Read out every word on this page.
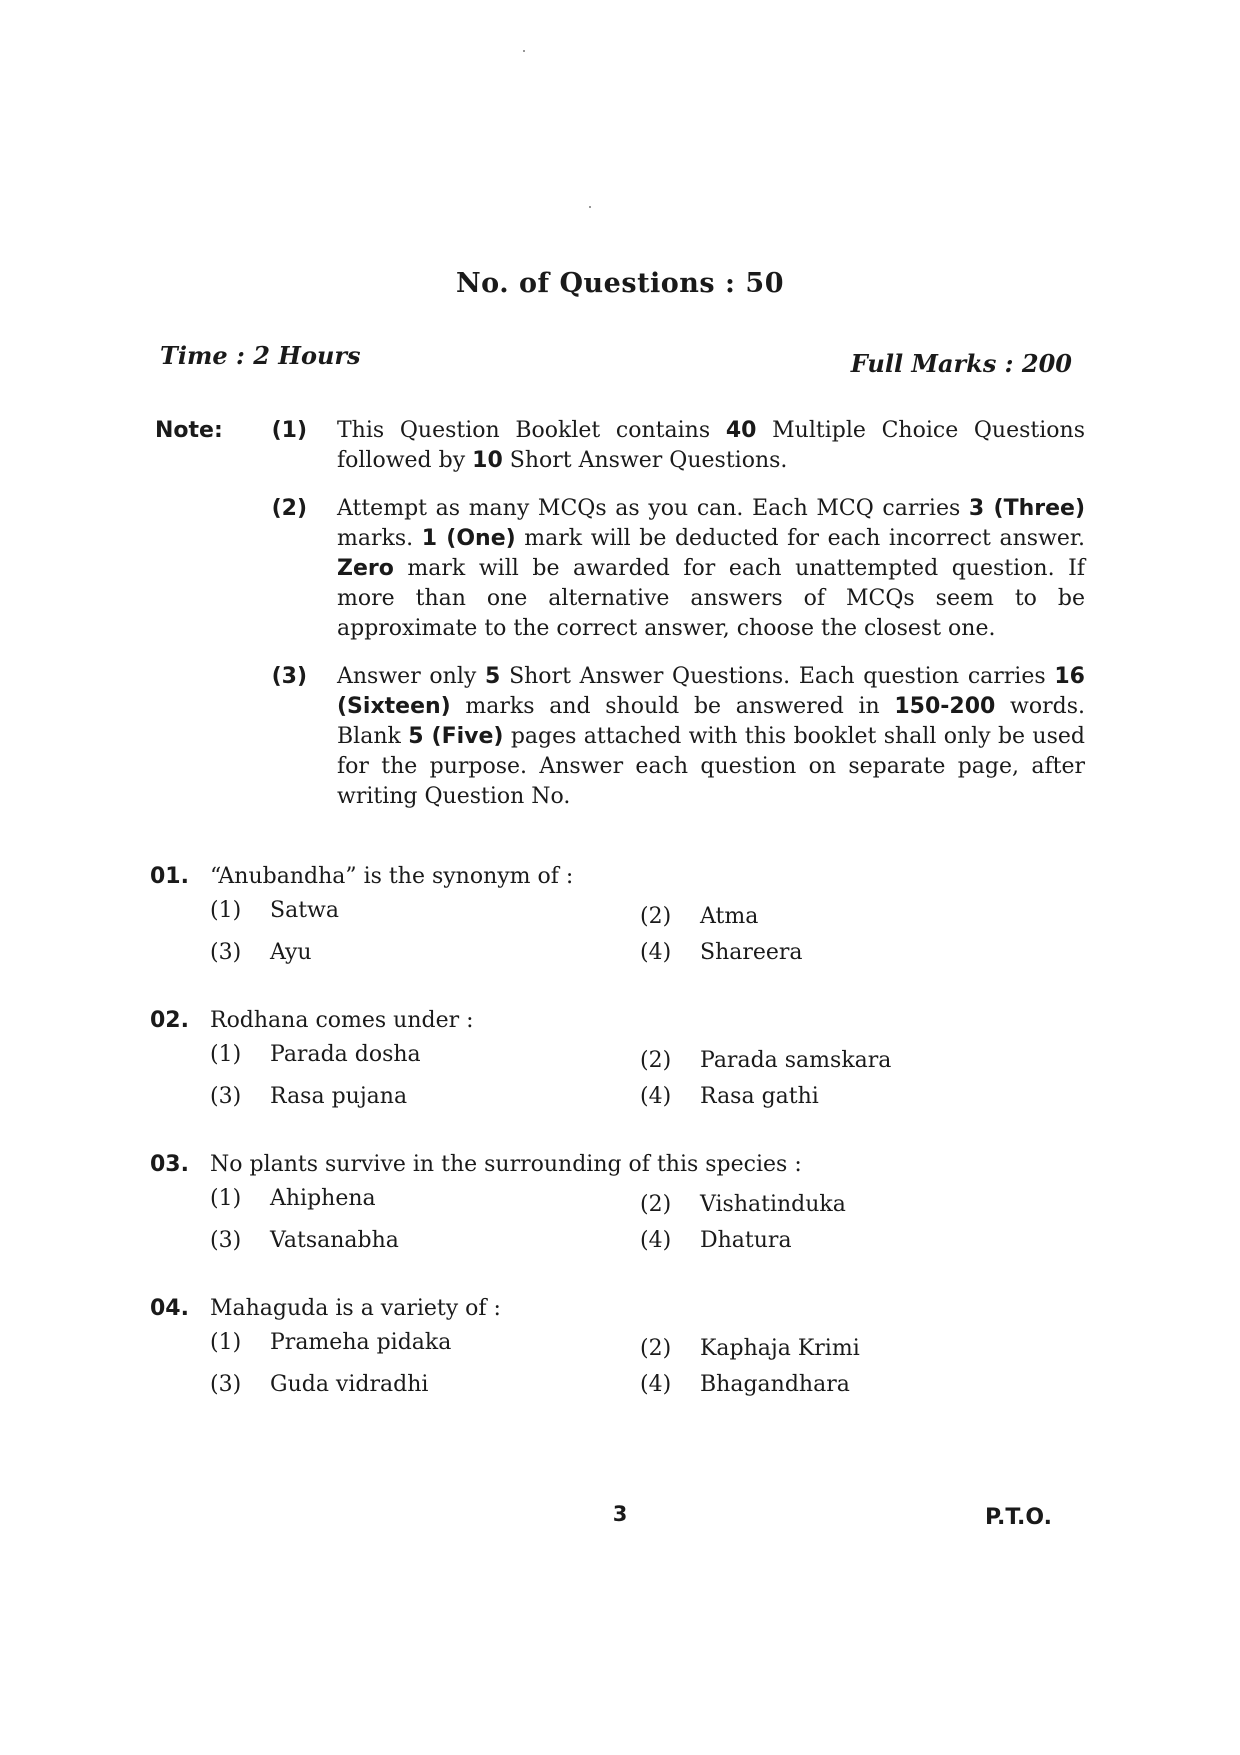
No. of Questions : 50
Time : 2 Hours	Full Marks : 200
Note: (1)	This Question Booklet contains 40 Multiple Choice Questions followed by 10 Short Answer Questions.
(2)	Attempt as many MCQs as you can. Each MCQ carries 3 (Three) marks. 1 (One) mark will be deducted for each incorrect answer. Zero mark will be awarded for each unattempted question. If more than one alternative answers of MCQs seem to be approximate to the correct answer, choose the closest one.
(3)	Answer only 5 Short Answer Questions. Each question carries 16 (Sixteen) marks and should be answered in 150-200 words. Blank 5 (Five) pages attached with this booklet shall only be used for the purpose. Answer each question on separate page, after writing Question No.
01. “Anubandha” is the synonym of :
(1)	Satwa	(2)	Atma
(3)	Ayu	(4)	Shareera
02. Rodhana comes under :
(1)	Parada dosha	(2)	Parada samskara
(3)	Rasa pujana	(4)	Rasa gathi
03. No plants survive in the surrounding of this species :
(1)	Ahiphena	(2)	Vishatinduka
(3)	Vatsanabha	(4)	Dhatura
04. Mahaguda is a variety of :
(1)	Prameha pidaka	(2)	Kaphaja Krimi
(3)	Guda vidradhi	(4)	Bhagandhara
3	P.T.O.
